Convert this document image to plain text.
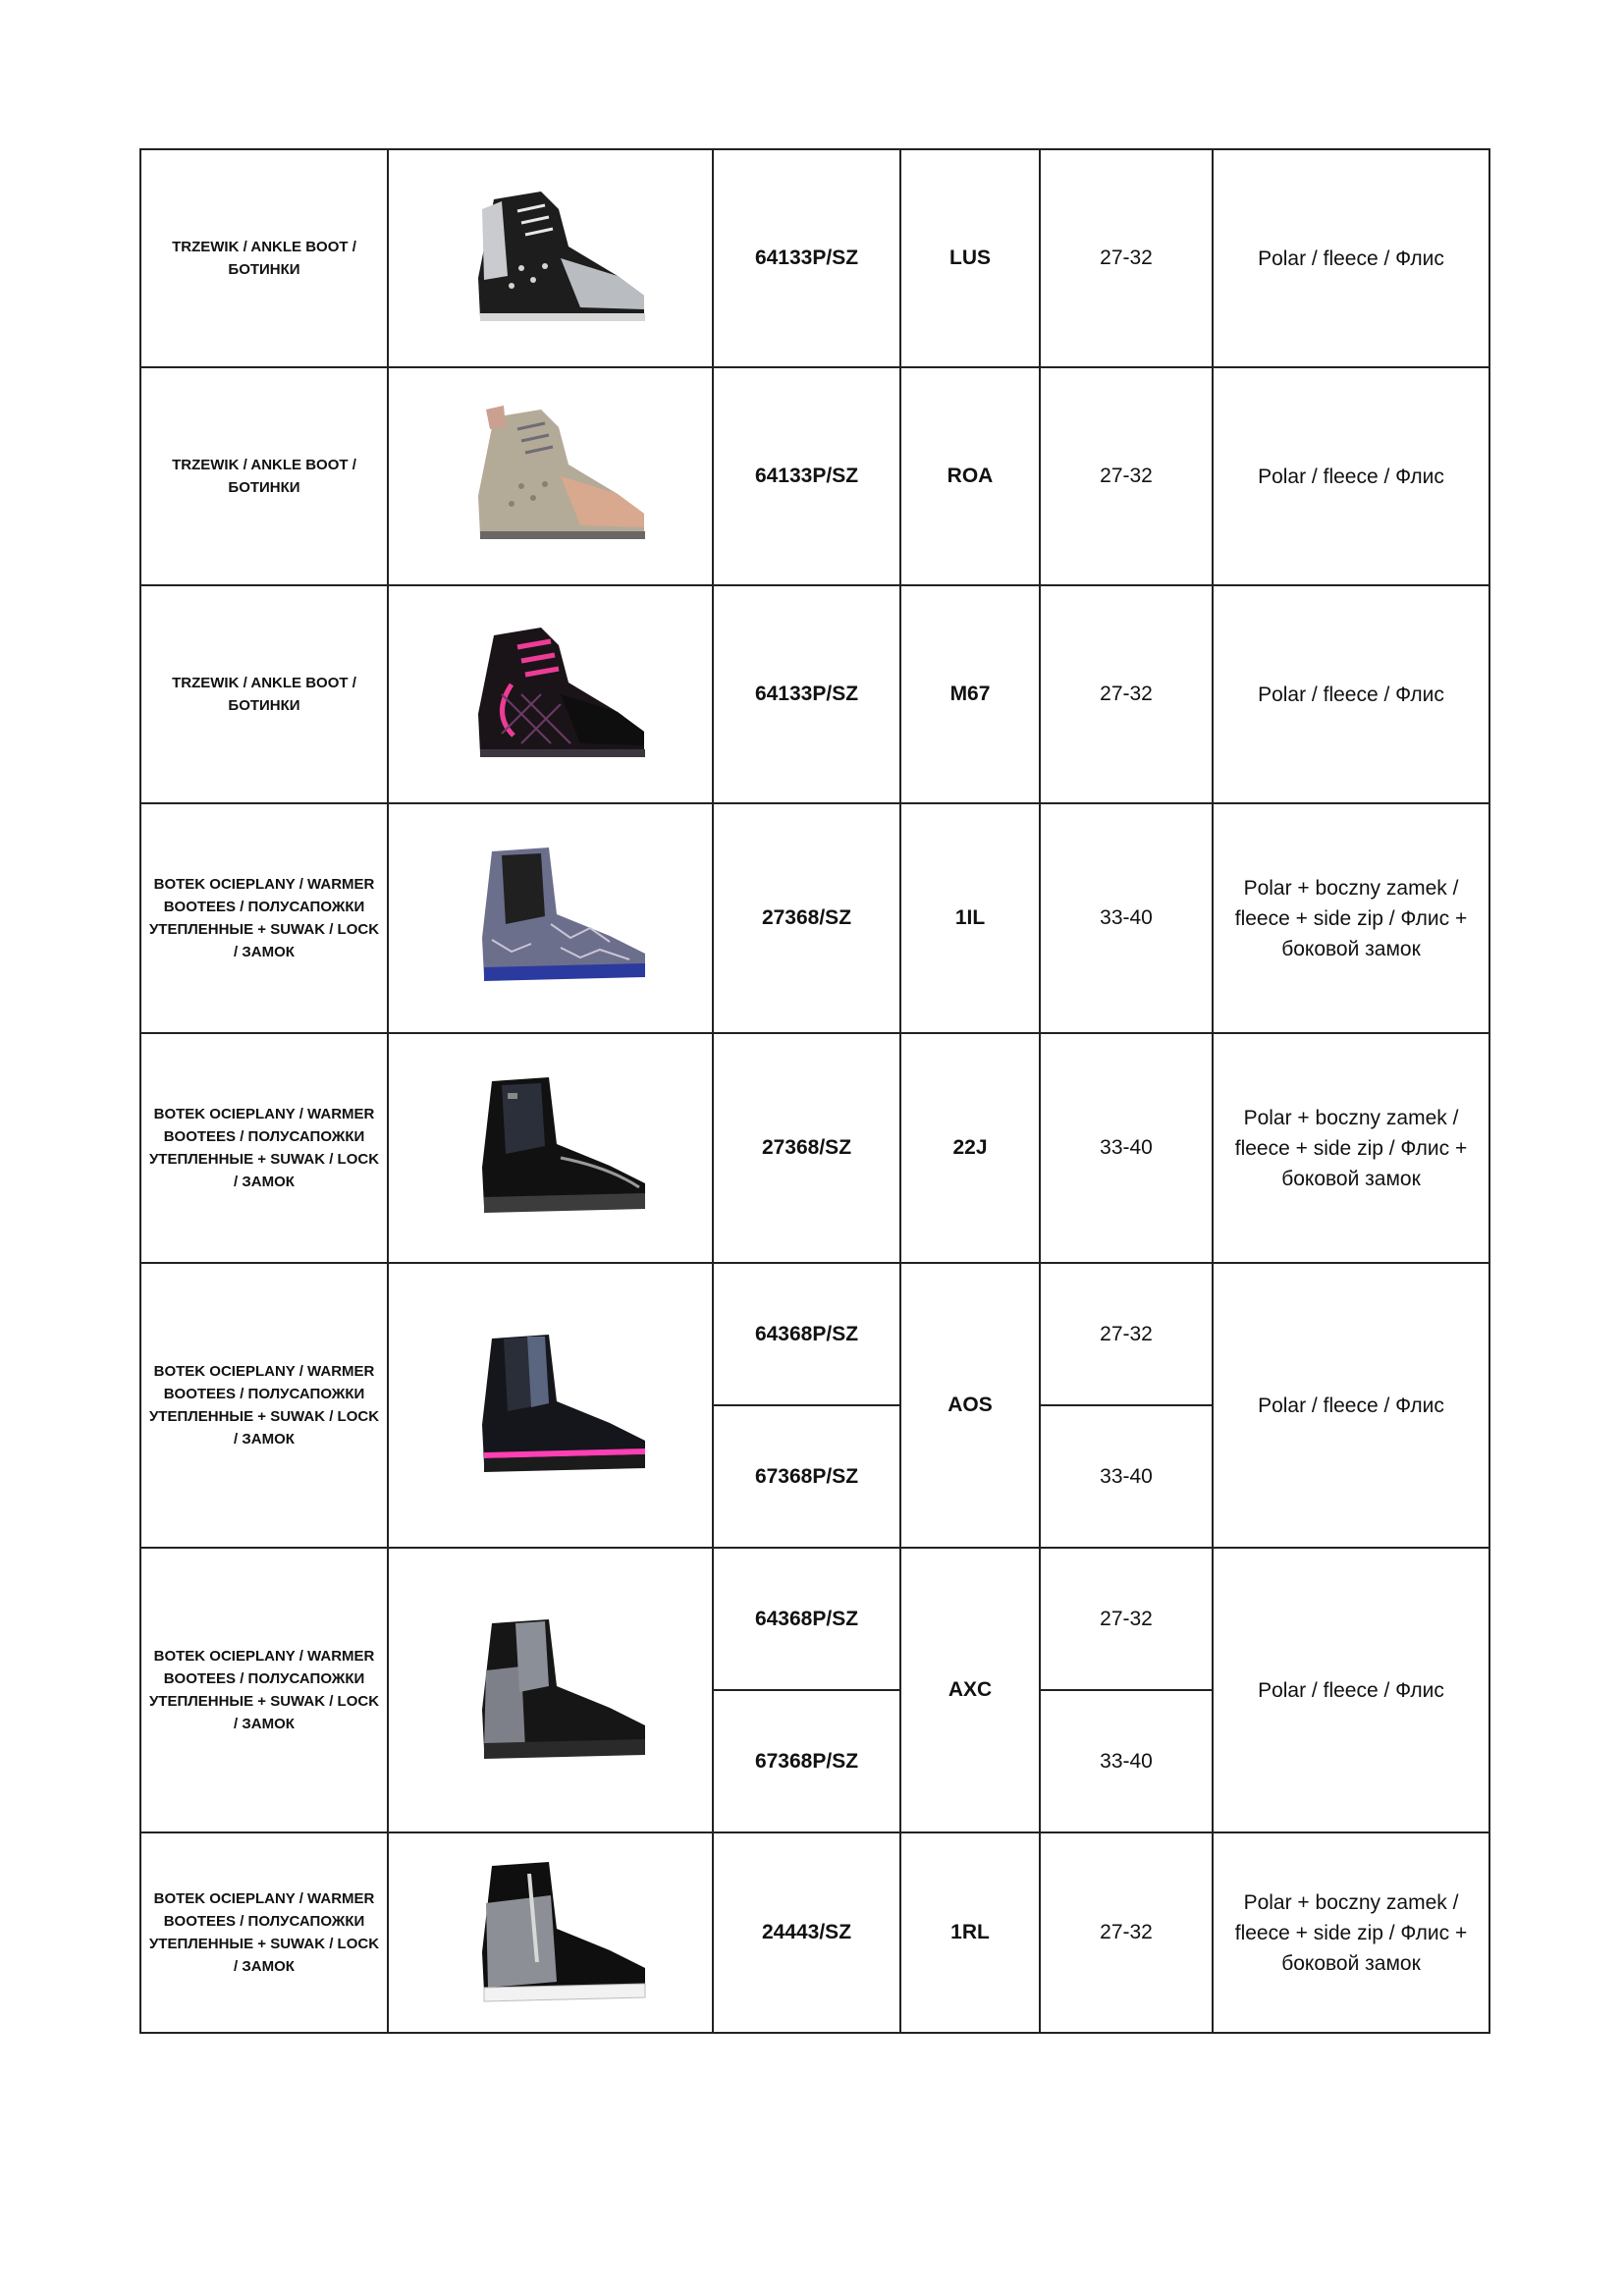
TRZEWIK / ANKLE BOOT / БОТИНКИ		64133P/SZ	LUS	27-32	Polar / fleece / Флис
TRZEWIK / ANKLE BOOT / БОТИНКИ		64133P/SZ	ROA	27-32	Polar / fleece / Флис
TRZEWIK / ANKLE BOOT / БОТИНКИ		64133P/SZ	M67	27-32	Polar / fleece / Флис
BOTEK OCIEPLANY / WARMER BOOTEES / ПОЛУСАПОЖКИ УТЕПЛЕННЫЕ + SUWAK / LOCK / ЗАМОК		27368/SZ	1IL	33-40	Polar + boczny zamek / fleece + side zip / Флис + боковой замок
BOTEK OCIEPLANY / WARMER BOOTEES / ПОЛУСАПОЖКИ УТЕПЛЕННЫЕ + SUWAK / LOCK / ЗАМОК		27368/SZ	22J	33-40	Polar + boczny zamek / fleece + side zip / Флис + боковой замок
BOTEK OCIEPLANY / WARMER BOOTEES / ПОЛУСАПОЖКИ УТЕПЛЕННЫЕ + SUWAK / LOCK / ЗАМОК		64368P/SZ	AOS	27-32	Polar / fleece / Флис
		67368P/SZ		33-40	
BOTEK OCIEPLANY / WARMER BOOTEES / ПОЛУСАПОЖКИ УТЕПЛЕННЫЕ + SUWAK / LOCK / ЗАМОК		64368P/SZ	AXC	27-32	Polar / fleece / Флис
		67368P/SZ		33-40	
BOTEK OCIEPLANY / WARMER BOOTEES / ПОЛУСАПОЖКИ УТЕПЛЕННЫЕ + SUWAK / LOCK / ЗАМОК		24443/SZ	1RL	27-32	Polar + boczny zamek / fleece + side zip / Флис + боковой замок
